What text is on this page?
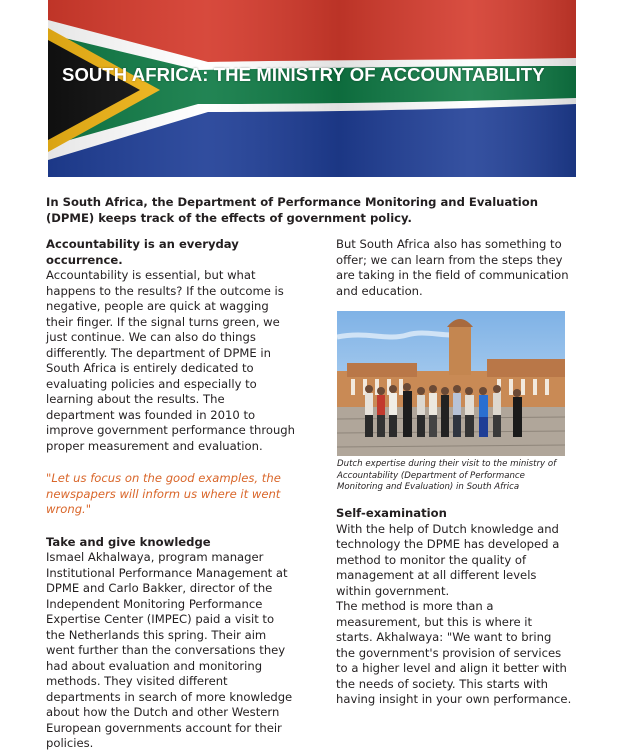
SOUTH AFRICA: THE MINISTRY OF ACCOUNTABILITY

In South Africa, the Department of Performance Monitoring and Evaluation (DPME) keeps track of the effects of government policy.

Accountability is an everyday occurrence.
Accountability is essential, but what happens to the results? If the outcome is negative, people are quick at wagging their finger. If the signal turns green, we just continue. We can also do things differently. The department of DPME in South Africa is entirely dedicated to evaluating policies and especially to learning about the results. The department was founded in 2010 to improve government performance through proper measurement and evaluation.

"Let us focus on the good examples, the newspapers will inform us where it went wrong."

Take and give knowledge
Ismael Akhalwaya, program manager Institutional Performance Management at DPME and Carlo Bakker, director of the Independent Monitoring Performance Expertise Center (IMPEC) paid a visit to the Netherlands this spring. Their aim went further than the conversations they had about evaluation and monitoring methods. They visited different departments in search of more knowledge about how the Dutch and other Western European governments account for their policies.

But South Africa also has something to offer; we can learn from the steps they are taking in the field of communication and education.

Dutch expertise during their visit to the ministry of Accountability (Department of Performance Monitoring and Evaluation) in South Africa

Self-examination
With the help of Dutch knowledge and technology the DPME has developed a method to monitor the quality of management at all different levels within government.

The method is more than a measurement, but this is where it starts. Akhalwaya: "We want to bring the government's provision of services to a higher level and align it better with the needs of society. This starts with having insight in your own performance.
